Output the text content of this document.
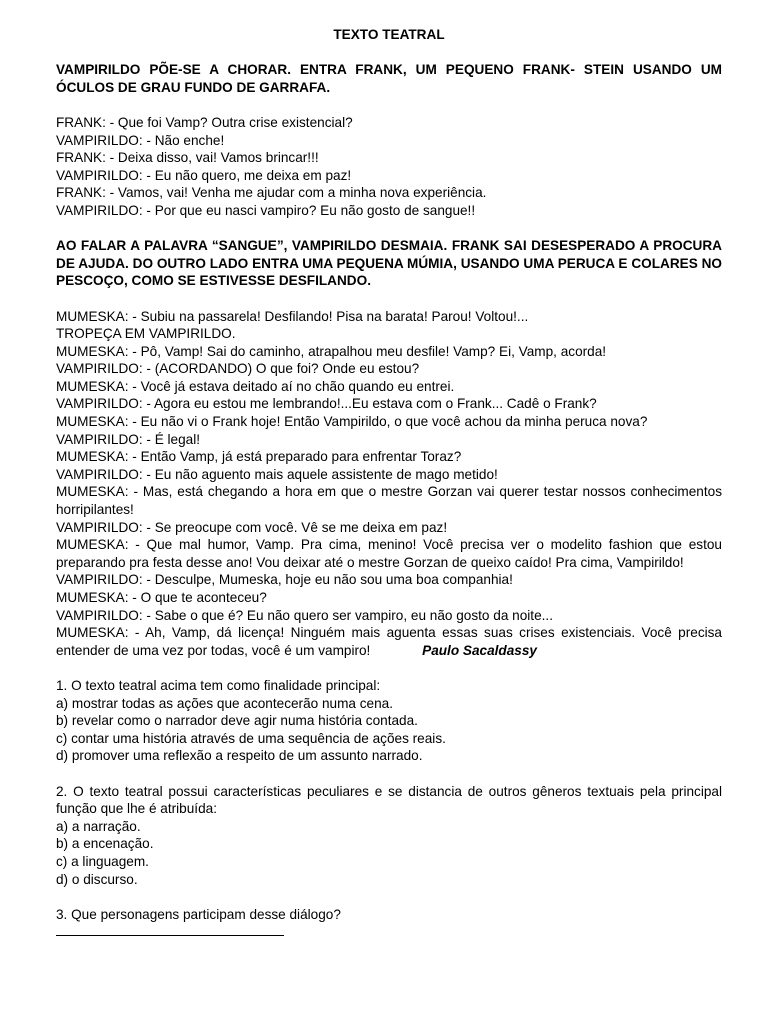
TEXTO TEATRAL
VAMPIRILDO PÕE-SE A CHORAR. ENTRA FRANK, UM PEQUENO FRANK- STEIN USANDO UM ÓCULOS DE GRAU FUNDO DE GARRAFA.
FRANK: - Que foi Vamp? Outra crise existencial?
VAMPIRILDO: - Não enche!
FRANK: - Deixa disso, vai! Vamos brincar!!!
VAMPIRILDO: - Eu não quero, me deixa em paz!
FRANK: - Vamos, vai! Venha me ajudar com a minha nova experiência.
VAMPIRILDO: - Por que eu nasci vampiro? Eu não gosto de sangue!!
AO FALAR A PALAVRA “SANGUE”, VAMPIRILDO DESMAIA. FRANK SAI DESESPERADO A PROCURA DE AJUDA. DO OUTRO LADO ENTRA UMA PEQUENA MÚMIA, USANDO UMA PERUCA E COLARES NO PESCOÇO, COMO SE ESTIVESSE DESFILANDO.
MUMESKA: - Subiu na passarela! Desfilando! Pisa na barata! Parou! Voltou!...
TROPEÇA EM VAMPIRILDO.
MUMESKA: - Pô, Vamp! Sai do caminho, atrapalhou meu desfile! Vamp? Ei, Vamp, acorda!
VAMPIRILDO: - (ACORDANDO) O que foi? Onde eu estou?
MUMESKA: - Você já estava deitado aí no chão quando eu entrei.
VAMPIRILDO: - Agora eu estou me lembrando!...Eu estava com o Frank... Cadê o Frank?
MUMESKA: - Eu não vi o Frank hoje! Então Vampirildo, o que você achou da minha peruca nova?
VAMPIRILDO: - É legal!
MUMESKA: - Então Vamp, já está preparado para enfrentar Toraz?
VAMPIRILDO: - Eu não aguento mais aquele assistente de mago metido!
MUMESKA: - Mas, está chegando a hora em que o mestre Gorzan vai querer testar nossos conhecimentos horripilantes!
VAMPIRILDO: - Se preocupe com você. Vê se me deixa em paz!
MUMESKA: - Que mal humor, Vamp. Pra cima, menino! Você precisa ver o modelito fashion que estou preparando pra festa desse ano! Vou deixar até o mestre Gorzan de queixo caído! Pra cima, Vampirildo!
VAMPIRILDO: - Desculpe, Mumeska, hoje eu não sou uma boa companhia!
MUMESKA: - O que te aconteceu?
VAMPIRILDO: - Sabe o que é? Eu não quero ser vampiro, eu não gosto da noite...
MUMESKA: - Ah, Vamp, dá licença! Ninguém mais aguenta essas suas crises existenciais. Você precisa entender de uma vez por todas, você é um vampiro!	Paulo Sacaldassy
1. O texto teatral acima tem como finalidade principal:
a) mostrar todas as ações que acontecerão numa cena.
b) revelar como o narrador deve agir numa história contada.
c) contar uma história através de uma sequência de ações reais.
d) promover uma reflexão a respeito de um assunto narrado.
2. O texto teatral possui características peculiares e se distancia de outros gêneros textuais pela principal função que lhe é atribuída:
a) a narração.
b) a encenação.
c) a linguagem.
d) o discurso.
3. Que personagens participam desse diálogo?
